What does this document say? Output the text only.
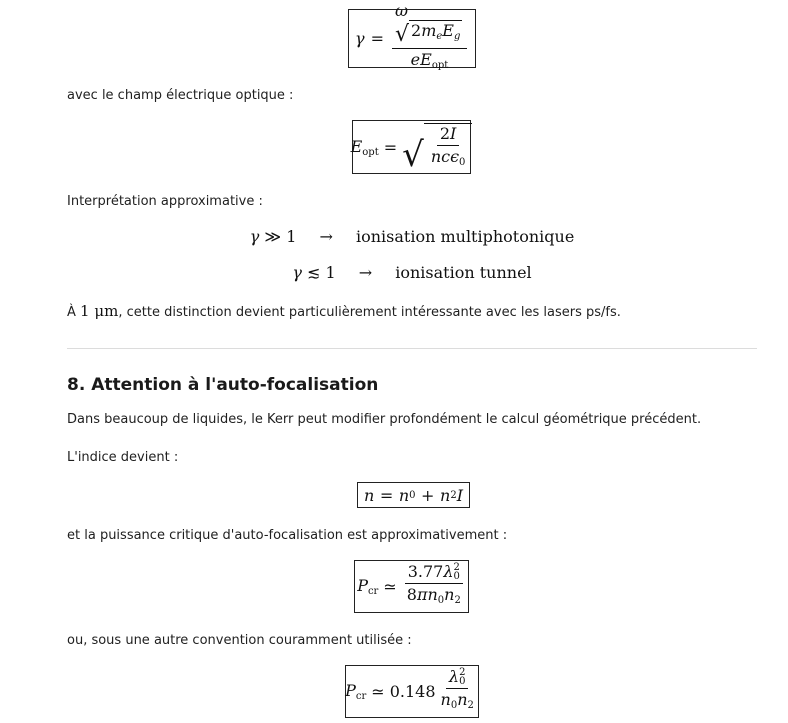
γ = ω
√ $2m_eE_g$
$eE_{opt}$
avec le champ électrique optique :
$E_{opt}$ = √ $\frac{2I}{nc\epsilon_0}$
Interprétation approximative :
γ ≫ 1 → ionisation multiphotonique
γ ≲ 1 → ionisation tunnel
À 1 μm, cette distinction devient particulièrement intéressante avec les lasers ps/fs.
8. Attention à l'auto-focalisation
Dans beaucoup de liquides, le Kerr peut modifier profondément le calcul géométrique précédent.
L'indice devient :
n = n 0 + n 2 I
et la puissance critique d'auto-focalisation est approximativement :
$P_{cr}$ ≃ 3.77λ 2
0
$8\pi n_0n_2$
ou, sous une autre convention couramment utilisée :
$P_{cr}$ ≃ 0.148 λ 2
0
$n_0n_2$
